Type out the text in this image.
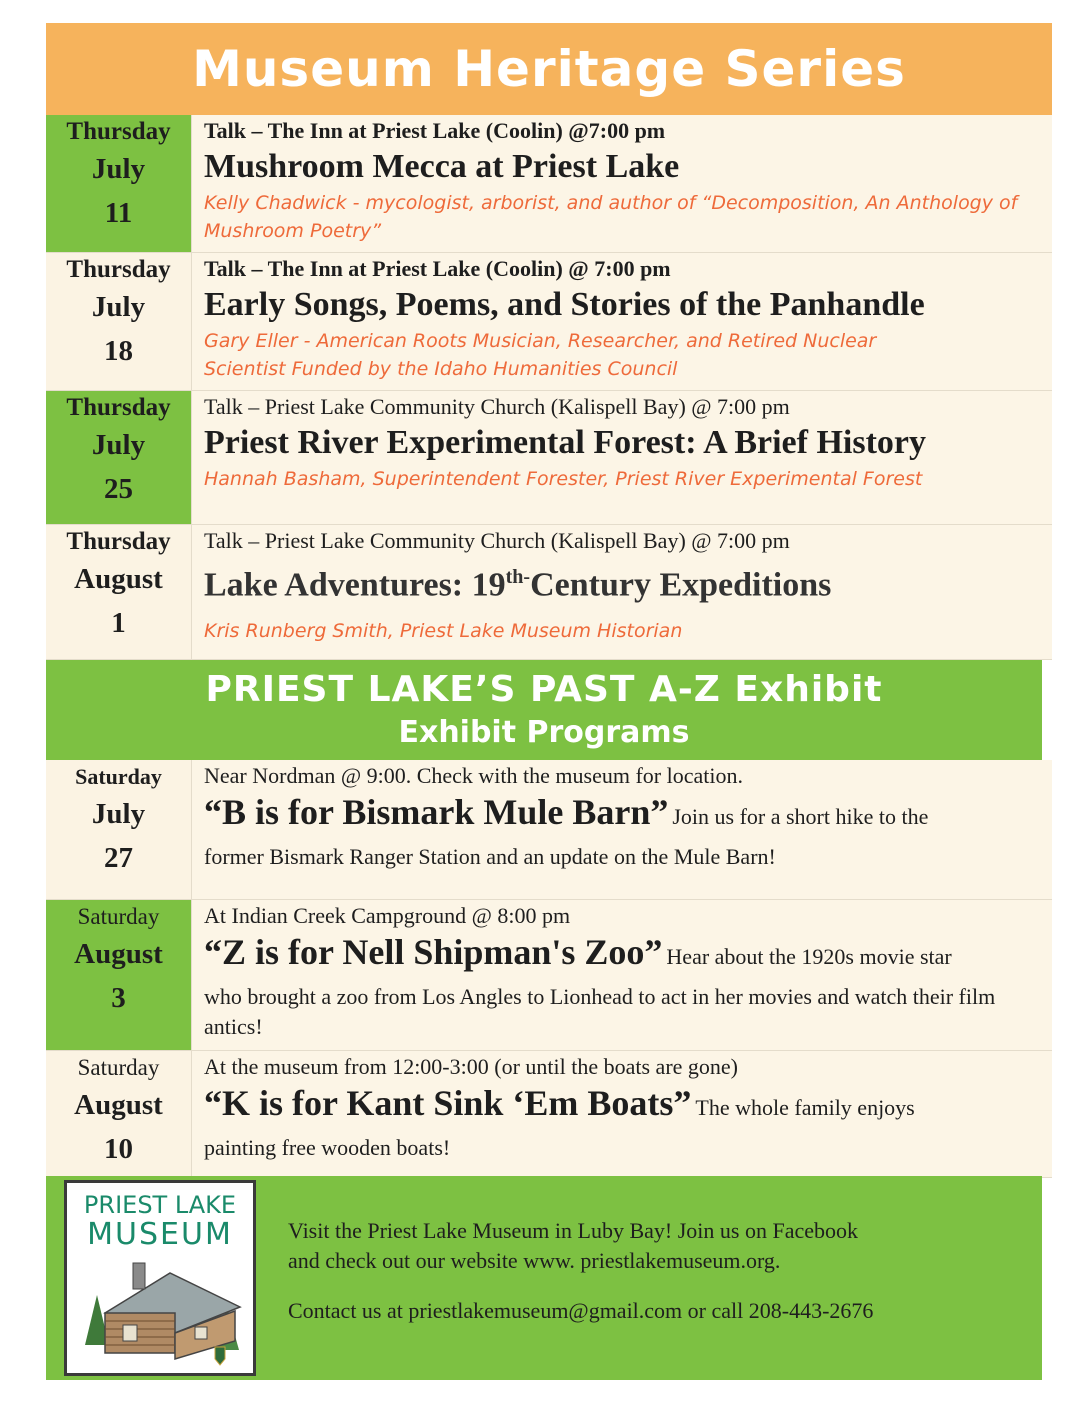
Museum Heritage Series
Thursday
July
11
Talk – The Inn at Priest Lake (Coolin) @7:00 pm
Mushroom Mecca at Priest Lake
Kelly Chadwick - mycologist, arborist, and author of “Decomposition, An Anthology of Mushroom Poetry”
Thursday
July
18
Talk – The Inn at Priest Lake (Coolin) @ 7:00 pm
Early Songs, Poems, and Stories of the Panhandle
Gary Eller - American Roots Musician, Researcher, and Retired Nuclear Scientist Funded by the Idaho Humanities Council
Thursday
July
25
Talk – Priest Lake Community Church (Kalispell Bay) @ 7:00 pm
Priest River Experimental Forest: A Brief History
Hannah Basham, Superintendent Forester, Priest River Experimental Forest
Thursday
August
1
Talk – Priest Lake Community Church (Kalispell Bay) @ 7:00 pm
Lake Adventures: $19^{th-}Century$ Expeditions
Kris Runberg Smith, Priest Lake Museum Historian
PRIEST LAKE’S PAST A-Z Exhibit
Exhibit Programs
Saturday
July
27
Near Nordman @ 9:00. Check with the museum for location.
“B is for Bismark Mule Barn” Join us for a short hike to the
former Bismark Ranger Station and an update on the Mule Barn!
Saturday
August
3
At Indian Creek Campground @ 8:00 pm
“Z is for Nell Shipman's Zoo” Hear about the 1920s movie star
who brought a zoo from Los Angles to Lionhead to act in her movies and watch their film antics!
Saturday
August
10
At the museum from 12:00-3:00 (or until the boats are gone)
“K is for Kant Sink ‘Em Boats” The whole family enjoys
painting free wooden boats!
PRIEST LAKE
MUSEUM	Visit the Priest Lake Museum in Luby Bay! Join us on Facebook
and check out our website www. priestlakemuseum.org.
Contact us at priestlakemuseum@gmail.com or call 208-443-2676
